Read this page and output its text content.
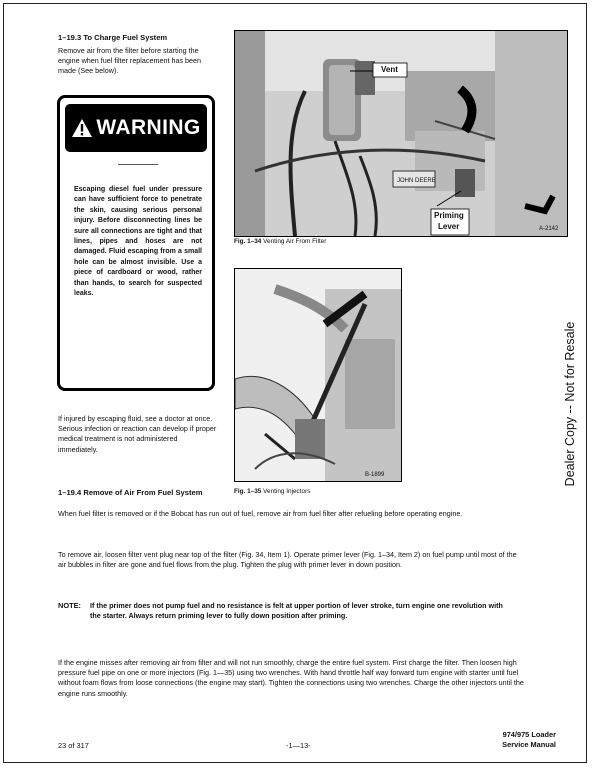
1–19.3 To Charge Fuel System

Remove air from the filter before starting the engine when fuel filter replacement has been made (See below).

WARNING

Escaping diesel fuel under pressure can have sufficient force to penetrate the skin, causing serious personal injury. Before disconnecting lines be sure all connections are tight and that lines, pipes and hoses are not damaged. Fluid escaping from a small hole can be almost invisible. Use a piece of cardboard or wood, rather than hands, to search for suspected leaks.

If injured by escaping fluid, see a doctor at once. Serious infection or reaction can develop if proper medical treatment is not administered immediately.

JOHN DEERE
Vent
Priming
Lever	A-2142

Fig. 1–34 Venting Air From Filter

B-1899

Fig. 1–35 Venting Injectors

1–19.4 Remove of Air From Fuel System

When fuel filter is removed or if the Bobcat has run out of fuel, remove air from fuel filter after refueling before operating engine.

To remove air, loosen filter vent plug near top of the filter (Fig. 34, Item 1). Operate primer lever (Fig. 1–34, Item 2) on fuel pump until most of the air bubbles in filter are gone and fuel flows from the plug. Tighten the plug with primer lever in down position.

NOTE: If the primer does not pump fuel and no resistance is felt at upper portion of lever stroke, turn engine one revolution with the starter. Always return priming lever to fully down position after priming.

If the engine misses after removing air from filter and will not run smoothly, charge the entire fuel system. First charge the filter. Then loosen high pressure fuel pipe on one or more injectors (Fig. 1—35) using two wrenches. With hand throttle half way forward turn engine with starter until fuel without foam flows from loose connections (the engine may start). Tighten the connections using two wrenches. Charge the other injectors until the engine runs smoothly.

Dealer Copy -- Not for Resale

23 of 317	-1—13-

974/975 Loader

Service Manual
